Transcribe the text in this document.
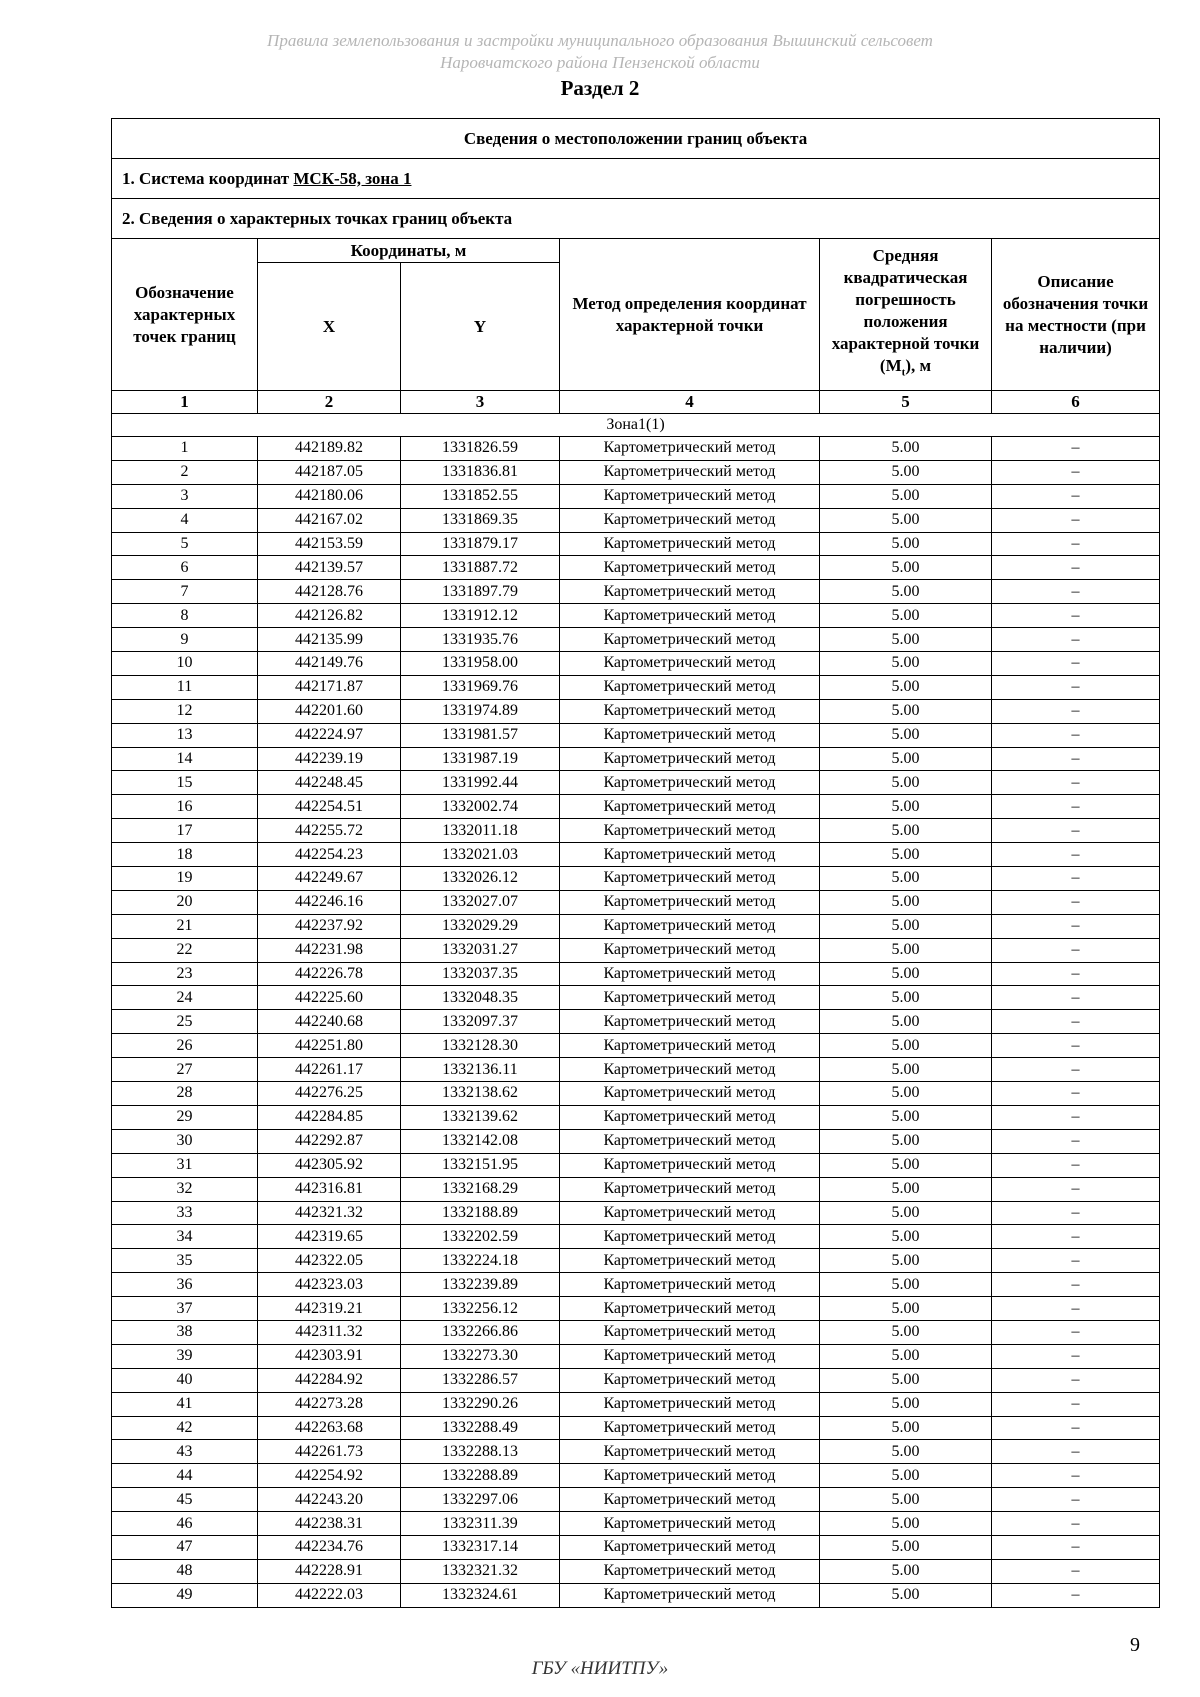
Правила землепользования и застройки муниципального образования Вышинский сельсовет
Наровчатского района Пензенской области
Раздел 2
Сведения о местоположении границ объекта					
1. Система координат МСК-58, зона 1					
2. Сведения о характерных точках границ объекта					
Обозначение характерных точек границ	Координаты, м		Метод определения координат характерной точки	Средняя квадратическая погрешность положения характерной точки $(M_t)$, м	Описание обозначения точки на местности (при наличии)
	X	Y			
1	2	3	4	5	6
Зона1(1)					
1	442189.82	1331826.59	Картометрический метод	5.00	–
2	442187.05	1331836.81	Картометрический метод	5.00	–
3	442180.06	1331852.55	Картометрический метод	5.00	–
4	442167.02	1331869.35	Картометрический метод	5.00	–
5	442153.59	1331879.17	Картометрический метод	5.00	–
6	442139.57	1331887.72	Картометрический метод	5.00	–
7	442128.76	1331897.79	Картометрический метод	5.00	–
8	442126.82	1331912.12	Картометрический метод	5.00	–
9	442135.99	1331935.76	Картометрический метод	5.00	–
10	442149.76	1331958.00	Картометрический метод	5.00	–
11	442171.87	1331969.76	Картометрический метод	5.00	–
12	442201.60	1331974.89	Картометрический метод	5.00	–
13	442224.97	1331981.57	Картометрический метод	5.00	–
14	442239.19	1331987.19	Картометрический метод	5.00	–
15	442248.45	1331992.44	Картометрический метод	5.00	–
16	442254.51	1332002.74	Картометрический метод	5.00	–
17	442255.72	1332011.18	Картометрический метод	5.00	–
18	442254.23	1332021.03	Картометрический метод	5.00	–
19	442249.67	1332026.12	Картометрический метод	5.00	–
20	442246.16	1332027.07	Картометрический метод	5.00	–
21	442237.92	1332029.29	Картометрический метод	5.00	–
22	442231.98	1332031.27	Картометрический метод	5.00	–
23	442226.78	1332037.35	Картометрический метод	5.00	–
24	442225.60	1332048.35	Картометрический метод	5.00	–
25	442240.68	1332097.37	Картометрический метод	5.00	–
26	442251.80	1332128.30	Картометрический метод	5.00	–
27	442261.17	1332136.11	Картометрический метод	5.00	–
28	442276.25	1332138.62	Картометрический метод	5.00	–
29	442284.85	1332139.62	Картометрический метод	5.00	–
30	442292.87	1332142.08	Картометрический метод	5.00	–
31	442305.92	1332151.95	Картометрический метод	5.00	–
32	442316.81	1332168.29	Картометрический метод	5.00	–
33	442321.32	1332188.89	Картометрический метод	5.00	–
34	442319.65	1332202.59	Картометрический метод	5.00	–
35	442322.05	1332224.18	Картометрический метод	5.00	–
36	442323.03	1332239.89	Картометрический метод	5.00	–
37	442319.21	1332256.12	Картометрический метод	5.00	–
38	442311.32	1332266.86	Картометрический метод	5.00	–
39	442303.91	1332273.30	Картометрический метод	5.00	–
40	442284.92	1332286.57	Картометрический метод	5.00	–
41	442273.28	1332290.26	Картометрический метод	5.00	–
42	442263.68	1332288.49	Картометрический метод	5.00	–
43	442261.73	1332288.13	Картометрический метод	5.00	–
44	442254.92	1332288.89	Картометрический метод	5.00	–
45	442243.20	1332297.06	Картометрический метод	5.00	–
46	442238.31	1332311.39	Картометрический метод	5.00	–
47	442234.76	1332317.14	Картометрический метод	5.00	–
48	442228.91	1332321.32	Картометрический метод	5.00	–
49	442222.03	1332324.61	Картометрический метод	5.00	–
9
ГБУ «НИИТПУ»
